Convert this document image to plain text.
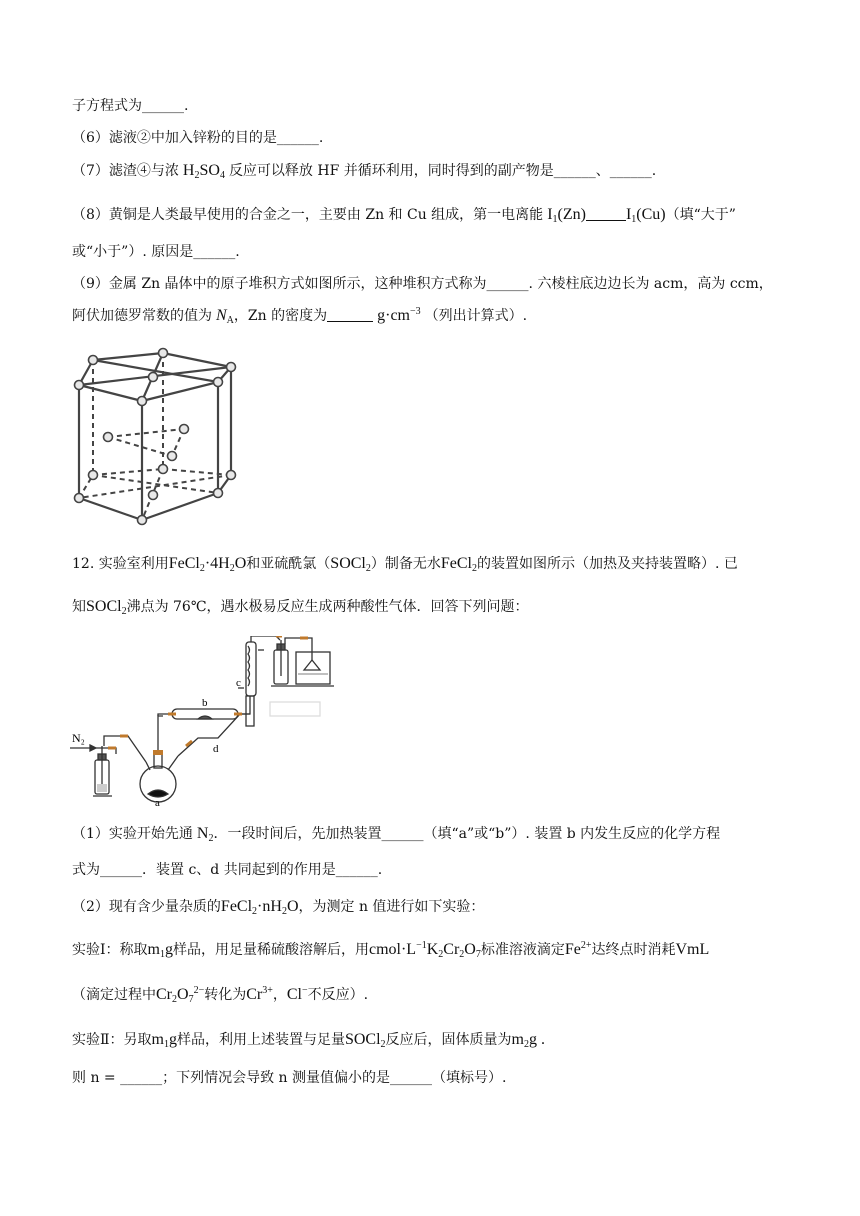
子方程式为______.
（6）滤液②中加入锌粉的目的是______.
（7）滤渣④与浓 $H_2SO_4$ 反应可以释放 HF 并循环利用，同时得到的副产物是______、______.
（8）黄铜是人类最早使用的合金之一，主要由 Zn 和 Cu 组成，第一电离能 $I_1(Zn)$	$I_1(Cu)$（填“大于”
或“小于”）. 原因是______.
（9）金属 Zn 晶体中的原子堆积方式如图所示，这种堆积方式称为______. 六棱柱底边边长为 acm，高为 ccm，
阿伏加德罗常数的值为 $N_A$，Zn 的密度为	$g\cdot cm^{-3}$ （列出计算式）.
12. 实验室利用$FeCl_2\cdot 4H_2O$和亚硫酰氯（SOCl$_2$）制备无水FeCl$_2$的装置如图所示（加热及夹持装置略）. 已
知SOCl$_2$沸点为 76℃，遇水极易反应生成两种酸性气体．回答下列问题：
N₂
a
b
c
d
（1）实验开始先通 $N_2$．一段时间后，先加热装置______（填“a”或“b”）. 装置 b 内发生反应的化学方程
式为______．装置 c、d 共同起到的作用是______.
（2）现有含少量杂质的$FeCl_2\cdot nH_2O$，为测定 n 值进行如下实验：
实验Ⅰ：称取$m_1g$样品，用足量稀硫酸溶解后，用$cmol\cdot L^{-1}K_2Cr_2O_7$标准溶液滴定$Fe^{2+}$达终点时消耗VmL
（滴定过程中$Cr_2O_7^{2-}$转化为$Cr^{3+}$，Cl−不反应）.
实验Ⅱ：另取$m_1g$样品，利用上述装置与足量SOCl$_2$反应后，固体质量为$m_2g$ .
则 n = ______；下列情况会导致 n 测量值偏小的是______（填标号）.
